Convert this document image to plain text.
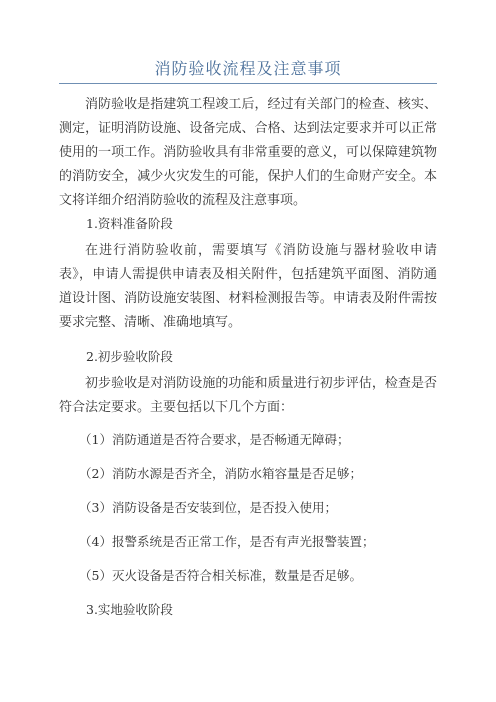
消防验收流程及注意事项

消防验收是指建筑工程竣工后，经过有关部门的检查、核实、测定，证明消防设施、设备完成、合格、达到法定要求并可以正常使用的一项工作。消防验收具有非常重要的意义，可以保障建筑物的消防安全，减少火灾发生的可能，保护人们的生命财产安全。本文将详细介绍消防验收的流程及注意事项。

1.资料准备阶段

在进行消防验收前，需要填写《消防设施与器材验收申请表》，申请人需提供申请表及相关附件，包括建筑平面图、消防通道设计图、消防设施安装图、材料检测报告等。申请表及附件需按要求完整、清晰、准确地填写。

2.初步验收阶段

初步验收是对消防设施的功能和质量进行初步评估，检查是否符合法定要求。主要包括以下几个方面：

（1）消防通道是否符合要求，是否畅通无障碍；

（2）消防水源是否齐全，消防水箱容量是否足够；

（3）消防设备是否安装到位，是否投入使用；

（4）报警系统是否正常工作，是否有声光报警装置；

（5）灭火设备是否符合相关标准，数量是否足够。

3.实地验收阶段
